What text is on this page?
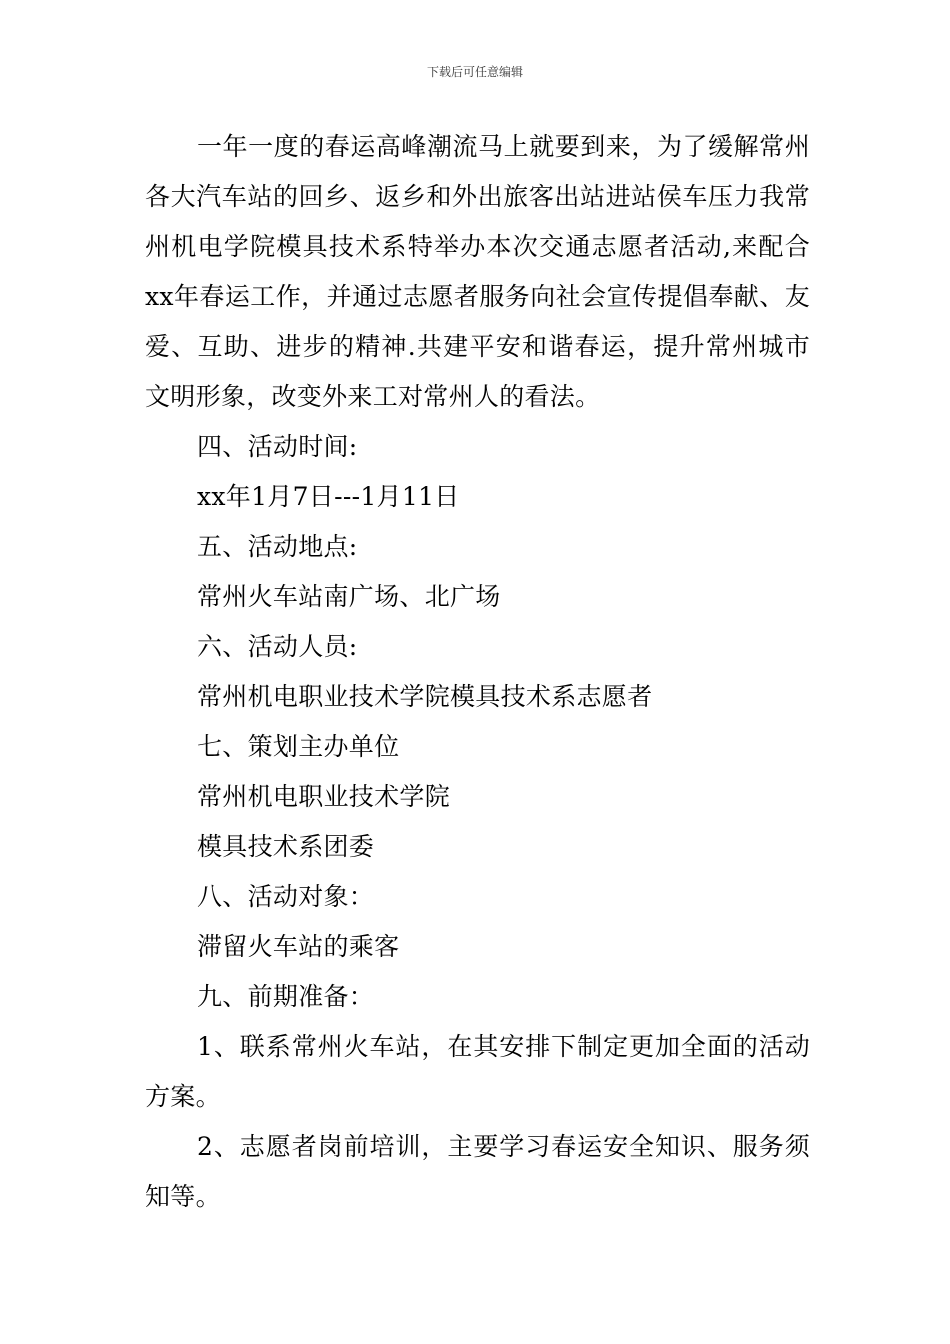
下载后可任意编辑

一年一度的春运高峰潮流马上就要到来，为了缓解常州各大汽车站的回乡、返乡和外出旅客出站进站侯车压力我常州机电学院模具技术系特举办本次交通志愿者活动,来配合xx年春运工作，并通过志愿者服务向社会宣传提倡奉献、友爱、互助、进步的精神.共建平安和谐春运，提升常州城市文明形象，改变外来工对常州人的看法。

四、活动时间:

xx年1月7日---1月11日

五、活动地点:

常州火车站南广场、北广场

六、活动人员:

常州机电职业技术学院模具技术系志愿者

七、策划主办单位

常州机电职业技术学院

模具技术系团委

八、活动对象：

滞留火车站的乘客

九、前期准备：

1、联系常州火车站，在其安排下制定更加全面的活动方案。

2、志愿者岗前培训，主要学习春运安全知识、服务须知等。
